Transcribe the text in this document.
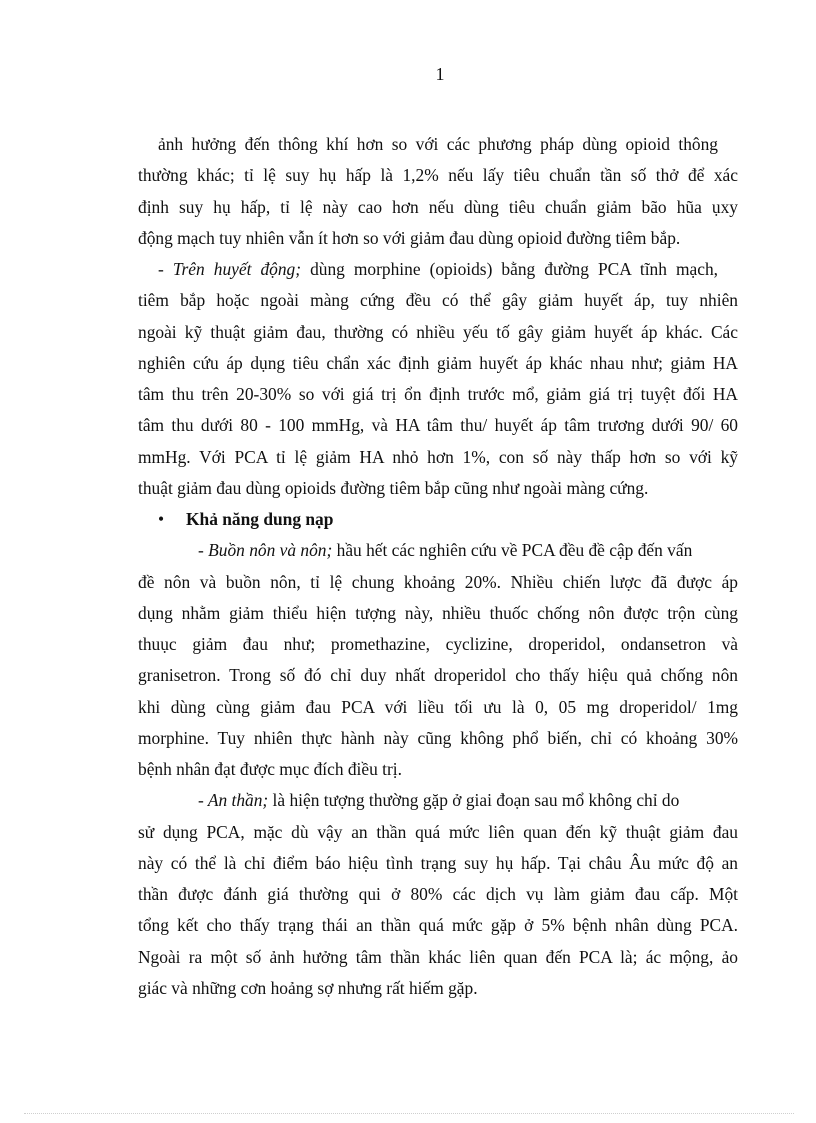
1
ảnh hưởng đến thông khí hơn so với các phương pháp dùng opioid thông
thường khác; tỉ lệ suy hụ hấp là 1,2% nếu lấy tiêu chuẩn tần số thở để xác
định suy hụ hấp, tỉ lệ này cao hơn nếu dùng tiêu chuẩn giảm bão hũa ụxy
động mạch tuy nhiên vẫn ít hơn so với giảm đau dùng opioid đường tiêm bắp.
- Trên huyết động; dùng morphine (opioids) bằng đường PCA tĩnh mạch,
tiêm bắp hoặc ngoài màng cứng đều có thể gây giảm huyết áp, tuy nhiên
ngoài kỹ thuật giảm đau, thường có nhiều yếu tố gây giảm huyết áp khác. Các
nghiên cứu áp dụng tiêu chẩn xác định giảm huyết áp khác nhau như; giảm HA
tâm thu trên 20-30% so với giá trị ổn định trước mổ, giảm giá trị tuyệt đối HA
tâm thu dưới 80 - 100 mmHg, và HA tâm thu/ huyết áp tâm trương dưới 90/ 60
mmHg. Với PCA tỉ lệ giảm HA nhỏ hơn 1%, con số này thấp hơn so với kỹ
thuật giảm đau dùng opioids đường tiêm bắp cũng như ngoài màng cứng.
• Khả năng dung nạp
- Buồn nôn và nôn; hầu hết các nghiên cứu về PCA đều đề cập đến vấn
đề nôn và buồn nôn, tỉ lệ chung khoảng 20%. Nhiều chiến lược đã được áp
dụng nhằm giảm thiểu hiện tượng này, nhiều thuốc chống nôn được trộn cùng
thuục giảm đau như; promethazine, cyclizine, droperidol, ondansetron và
granisetron. Trong số đó chỉ duy nhất droperidol cho thấy hiệu quả chống nôn
khi dùng cùng giảm đau PCA với liều tối ưu là 0, 05 mg droperidol/ 1mg
morphine. Tuy nhiên thực hành này cũng không phổ biến, chỉ có khoảng 30%
bệnh nhân đạt được mục đích điều trị.
- An thần; là hiện tượng thường gặp ở giai đoạn sau mổ không chỉ do
sử dụng PCA, mặc dù vậy an thần quá mức liên quan đến kỹ thuật giảm đau
này có thể là chỉ điểm báo hiệu tình trạng suy hụ hấp. Tại châu Âu mức độ an
thần được đánh giá thường qui ở 80% các dịch vụ làm giảm đau cấp. Một
tổng kết cho thấy trạng thái an thần quá mức gặp ở 5% bệnh nhân dùng PCA.
Ngoài ra một số ảnh hưởng tâm thần khác liên quan đến PCA là; ác mộng, ảo
giác và những cơn hoảng sợ nhưng rất hiếm gặp.
